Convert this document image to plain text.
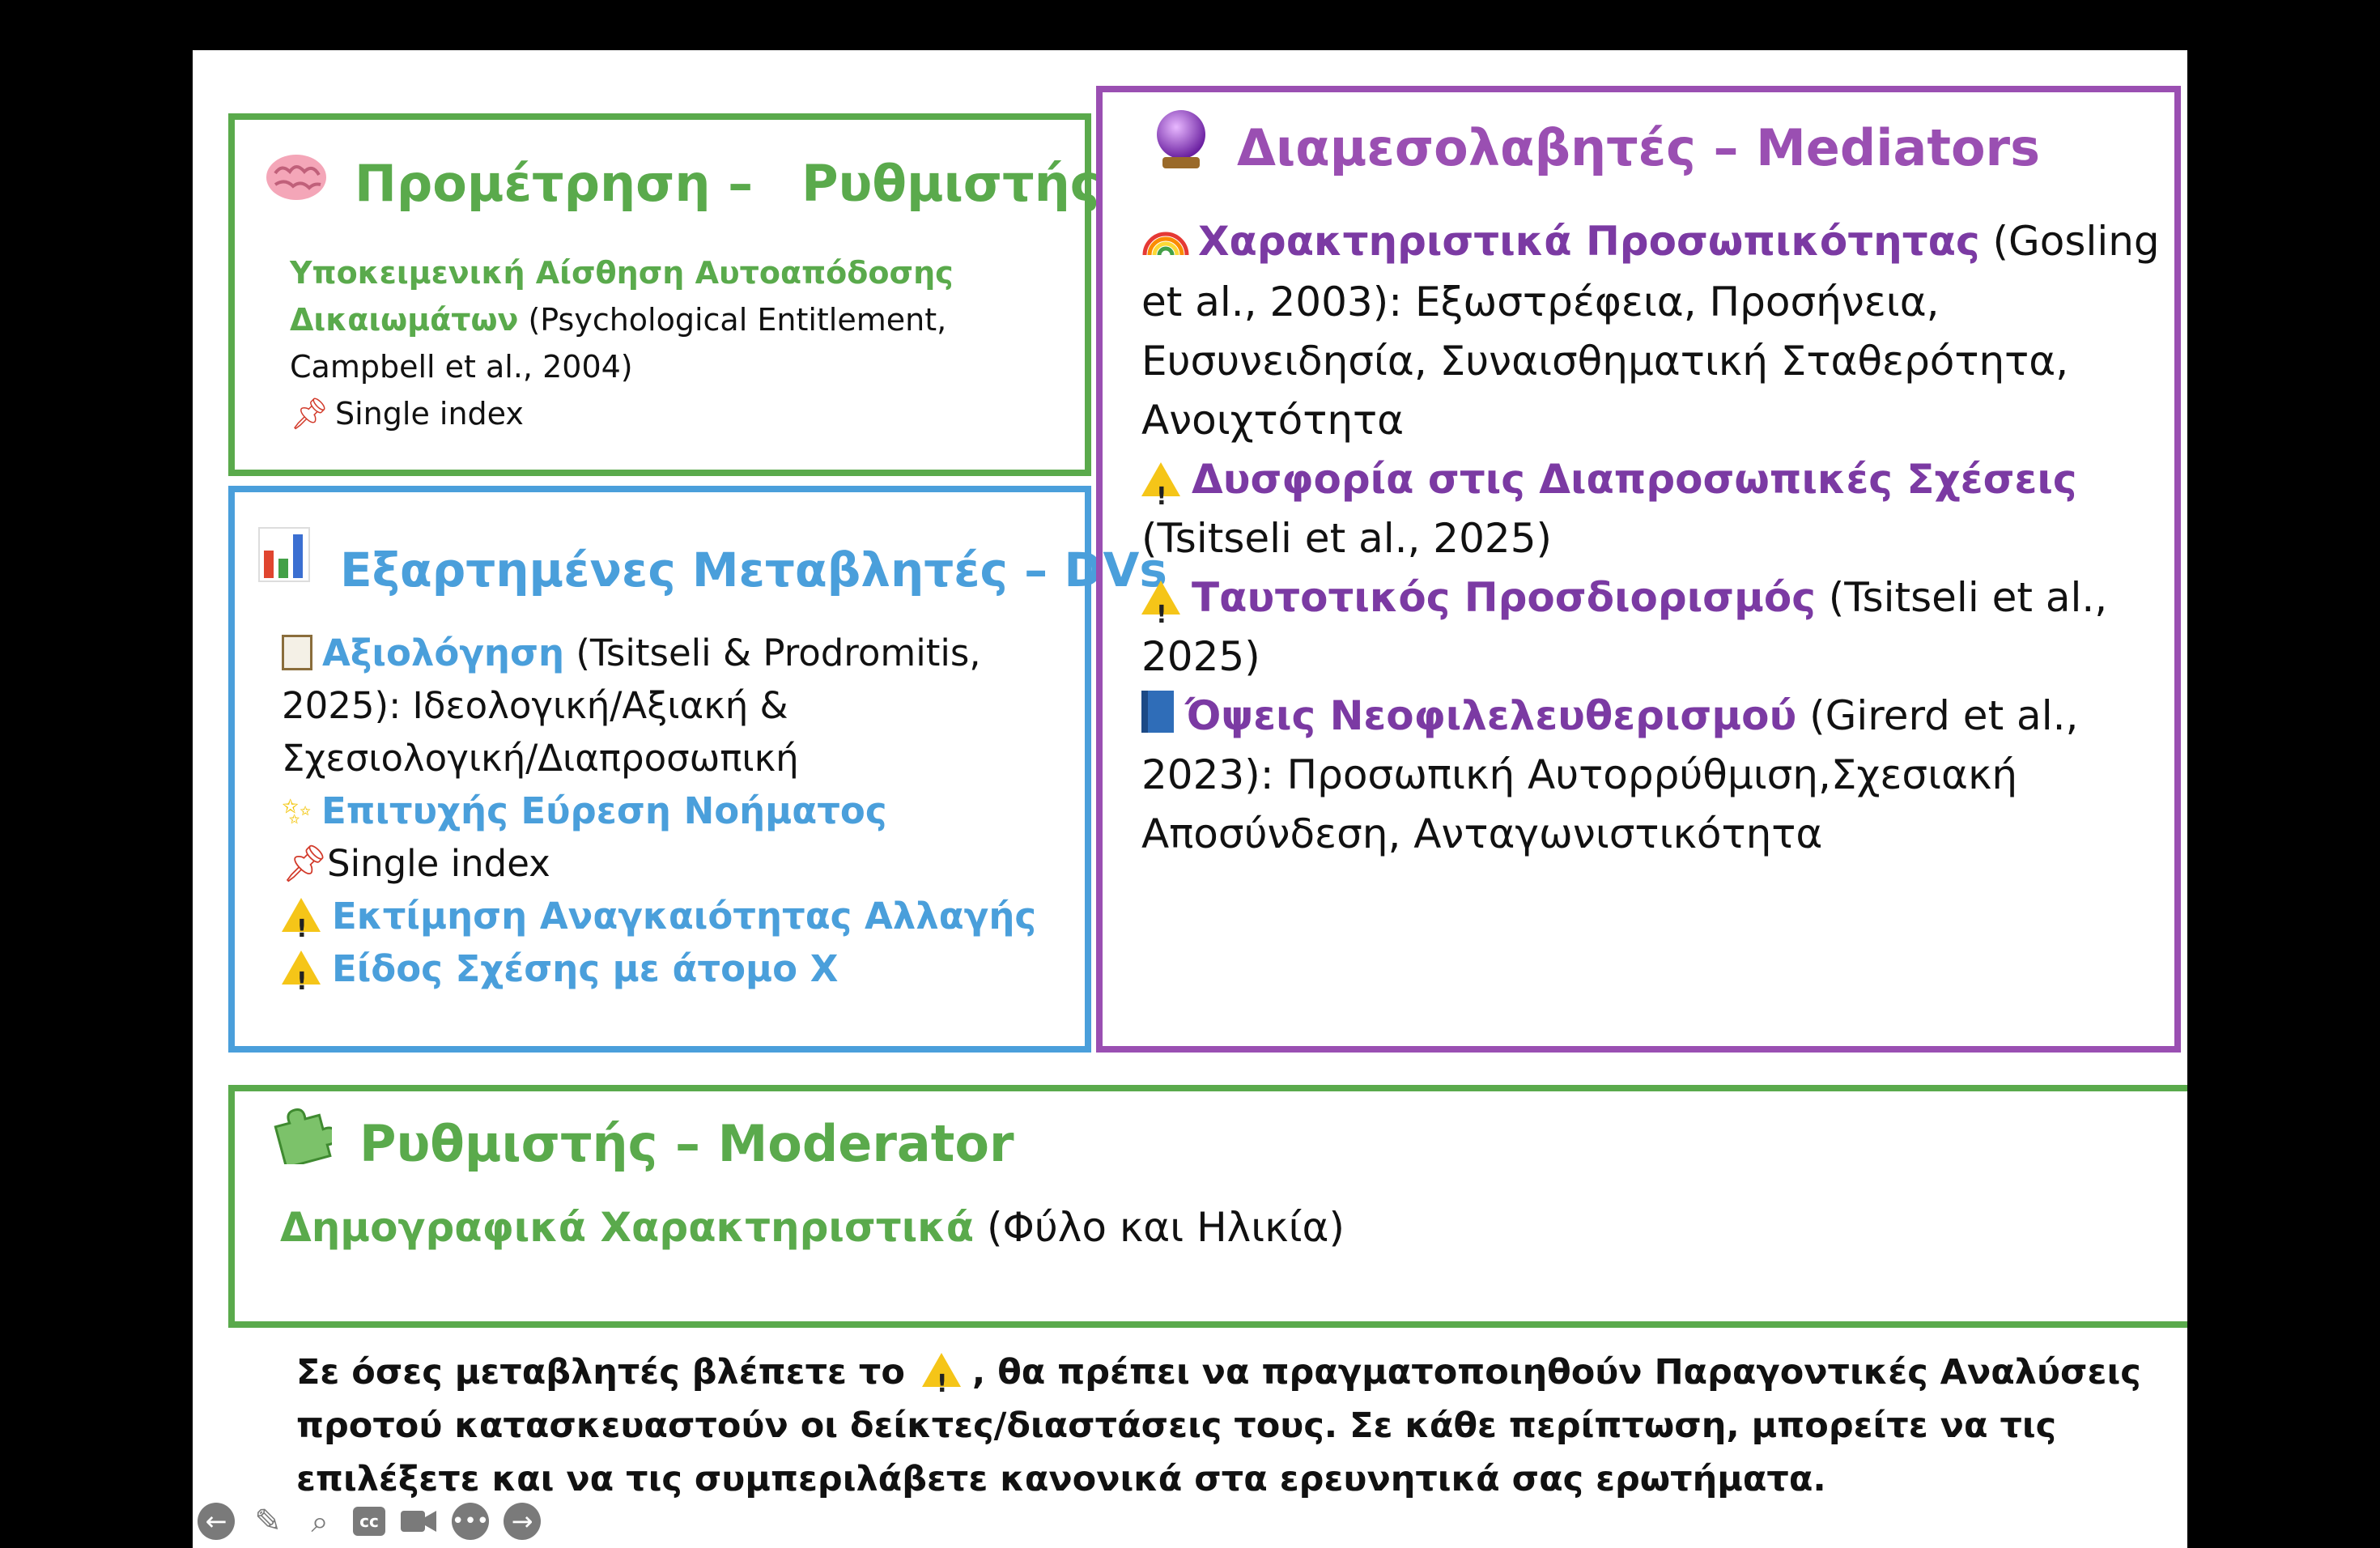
Προμέτρηση – Ρυθμιστής
Υποκειμενική Αίσθηση Αυτοαπόδοσης
Δικαιωμάτων (Psychological Entitlement,
Campbell et al., 2004)
📌︎ Single index
Εξαρτημένες Μεταβλητές – DVs
Αξιολόγηση (Tsitseli & Prodromitis,
2025): Ιδεολογική/Αξιακή &
Σχεσιολογική/Διαπροσωπική
✨︎ Επιτυχής Εύρεση Νοήματος
📌︎Single index
!Εκτίμηση Αναγκαιότητας Αλλαγής
!Είδος Σχέσης με άτομο Χ
Διαμεσολαβητές – Mediators
Χαρακτηριστικά Προσωπικότητας (Gosling
et al., 2003): Εξωστρέφεια, Προσήνεια,
Ευσυνειδησία, Συναισθηματική Σταθερότητα,
Ανοιχτότητα
!Δυσφορία στις Διαπροσωπικές Σχέσεις
(Tsitseli et al., 2025)
!Ταυτοτικός Προσδιορισμός (Tsitseli et al.,
2025)
Όψεις Νεοφιλελευθερισμού (Girerd et al.,
2023): Προσωπική Αυτορρύθμιση,Σχεσιακή
Αποσύνδεση, Ανταγωνιστικότητα
Ρυθμιστής – Moderator
Δημογραφικά Χαρακτηριστικά (Φύλο και Ηλικία)
Σε όσες μεταβλητές βλέπετε το ! , θα πρέπει να πραγματοποιηθούν Παραγοντικές Αναλύσεις
προτού κατασκευαστούν οι δείκτες/διαστάσεις τους. Σε κάθε περίπτωση, μπορείτε να τις
επιλέξετε και να τις συμπεριλάβετε κανονικά στα ερευνητικά σας ερωτήματα.
← ✎ ⌕	cc	••• →
